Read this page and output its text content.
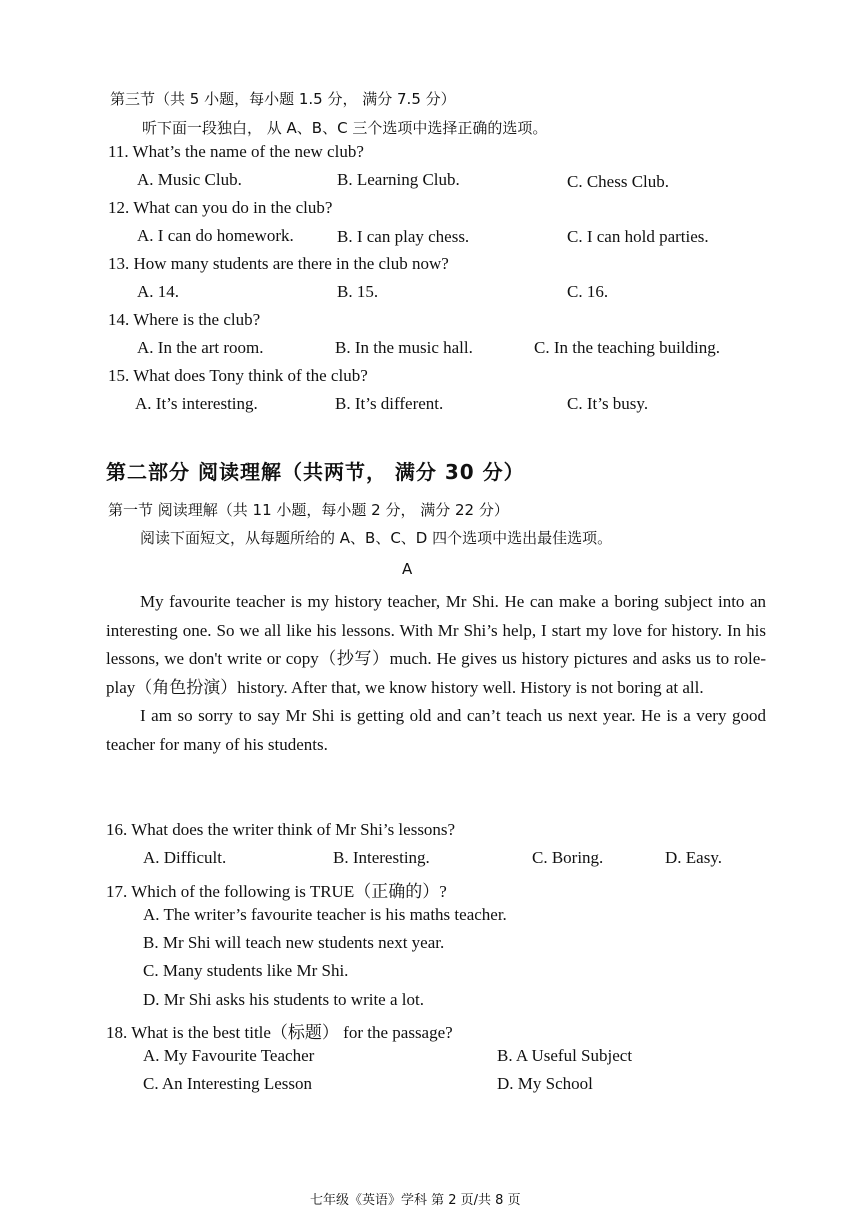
第三节（共 5 小题，每小题 1.5 分， 满分 7.5 分）
听下面一段独白， 从 A、B、C 三个选项中选择正确的选项。
11. What’s the name of the new club?
A. Music Club.	B. Learning Club.	C. Chess Club.
12. What can you do in the club?
A. I can do homework.	B. I can play chess.	C. I can hold parties.
13. How many students are there in the club now?
A. 14.	B. 15.	C. 16.
14. Where is the club?
A. In the art room.	B. In the music hall.	C. In the teaching building.
15. What does Tony think of the club?
A. It’s interesting.	B. It’s different.	C. It’s busy.
第二部分 阅读理解（共两节， 满分 30 分）
第一节 阅读理解（共 11 小题，每小题 2 分， 满分 22 分）
阅读下面短文，从每题所给的 A、B、C、D 四个选项中选出最佳选项。
A

My favourite teacher is my history teacher, Mr Shi. He can make a boring subject into an interesting one. So we all like his lessons. With Mr Shi’s help, I start my love for history. In his lessons, we don't write or copy（抄写）much. He gives us history pictures and asks us to role-play（角色扮演）history. After that, we know history well. History is not boring at all.

I am so sorry to say Mr Shi is getting old and can’t teach us next year. He is a very good teacher for many of his students.

16. What does the writer think of Mr Shi’s lessons?
A. Difficult.	B. Interesting.	C. Boring.	D. Easy.
17. Which of the following is TRUE（正确的）?
A. The writer’s favourite teacher is his maths teacher.
B. Mr Shi will teach new students next year.
C. Many students like Mr Shi.
D. Mr Shi asks his students to write a lot.
18. What is the best title（标题） for the passage?
A. My Favourite Teacher	B. A Useful Subject
C. An Interesting Lesson	D. My School
七年级《英语》学科 第 2 页/共 8 页
